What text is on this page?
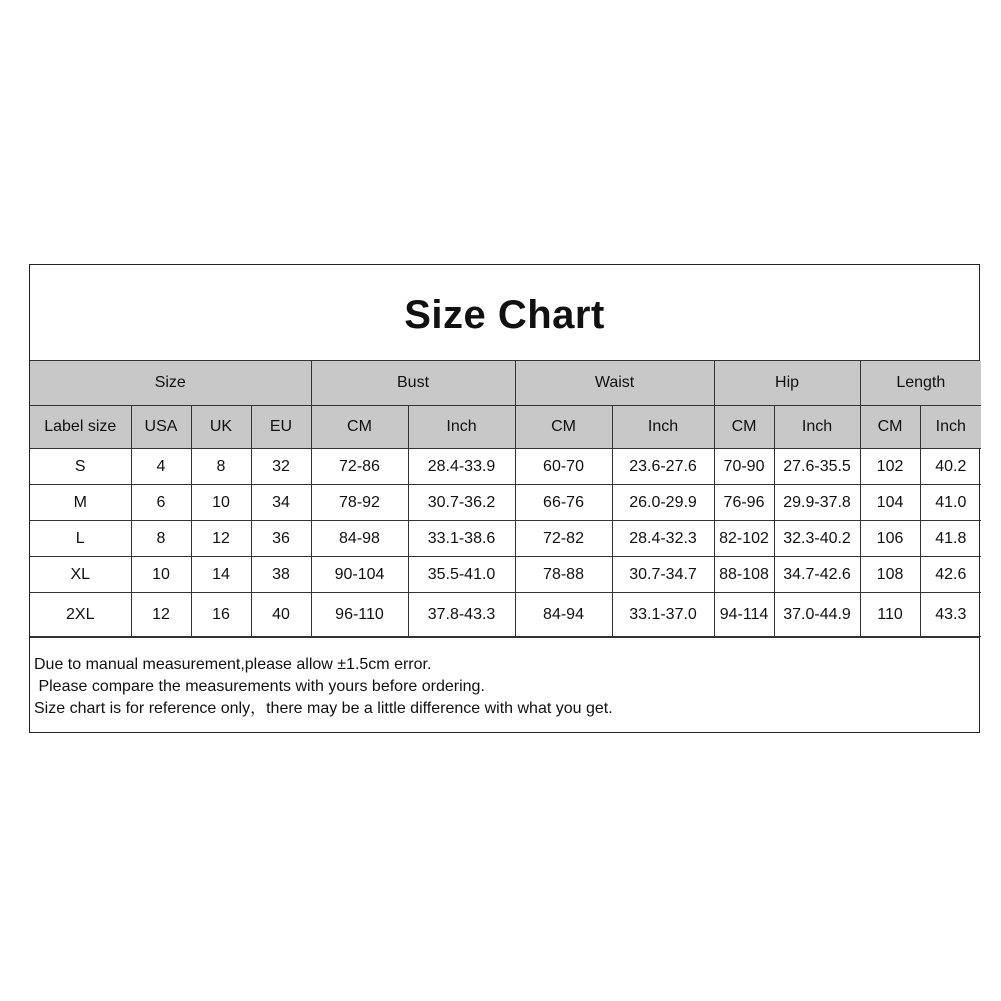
Size Chart
Size				Bust		Waist		Hip		Length	
Label size	USA	UK	EU	CM	Inch	CM	Inch	CM	Inch	CM	Inch
S	4	8	32	72-86	28.4-33.9	60-70	23.6-27.6	70-90	27.6-35.5	102	40.2
M	6	10	34	78-92	30.7-36.2	66-76	26.0-29.9	76-96	29.9-37.8	104	41.0
L	8	12	36	84-98	33.1-38.6	72-82	28.4-32.3	82-102	32.3-40.2	106	41.8
XL	10	14	38	90-104	35.5-41.0	78-88	30.7-34.7	88-108	34.7-42.6	108	42.6
2XL	12	16	40	96-110	37.8-43.3	84-94	33.1-37.0	94-114	37.0-44.9	110	43.3
Due to manual measurement,please allow ±1.5cm error.
Please compare the measurements with yours before ordering.
Size chart is for reference only，there may be a little difference with what you get.
